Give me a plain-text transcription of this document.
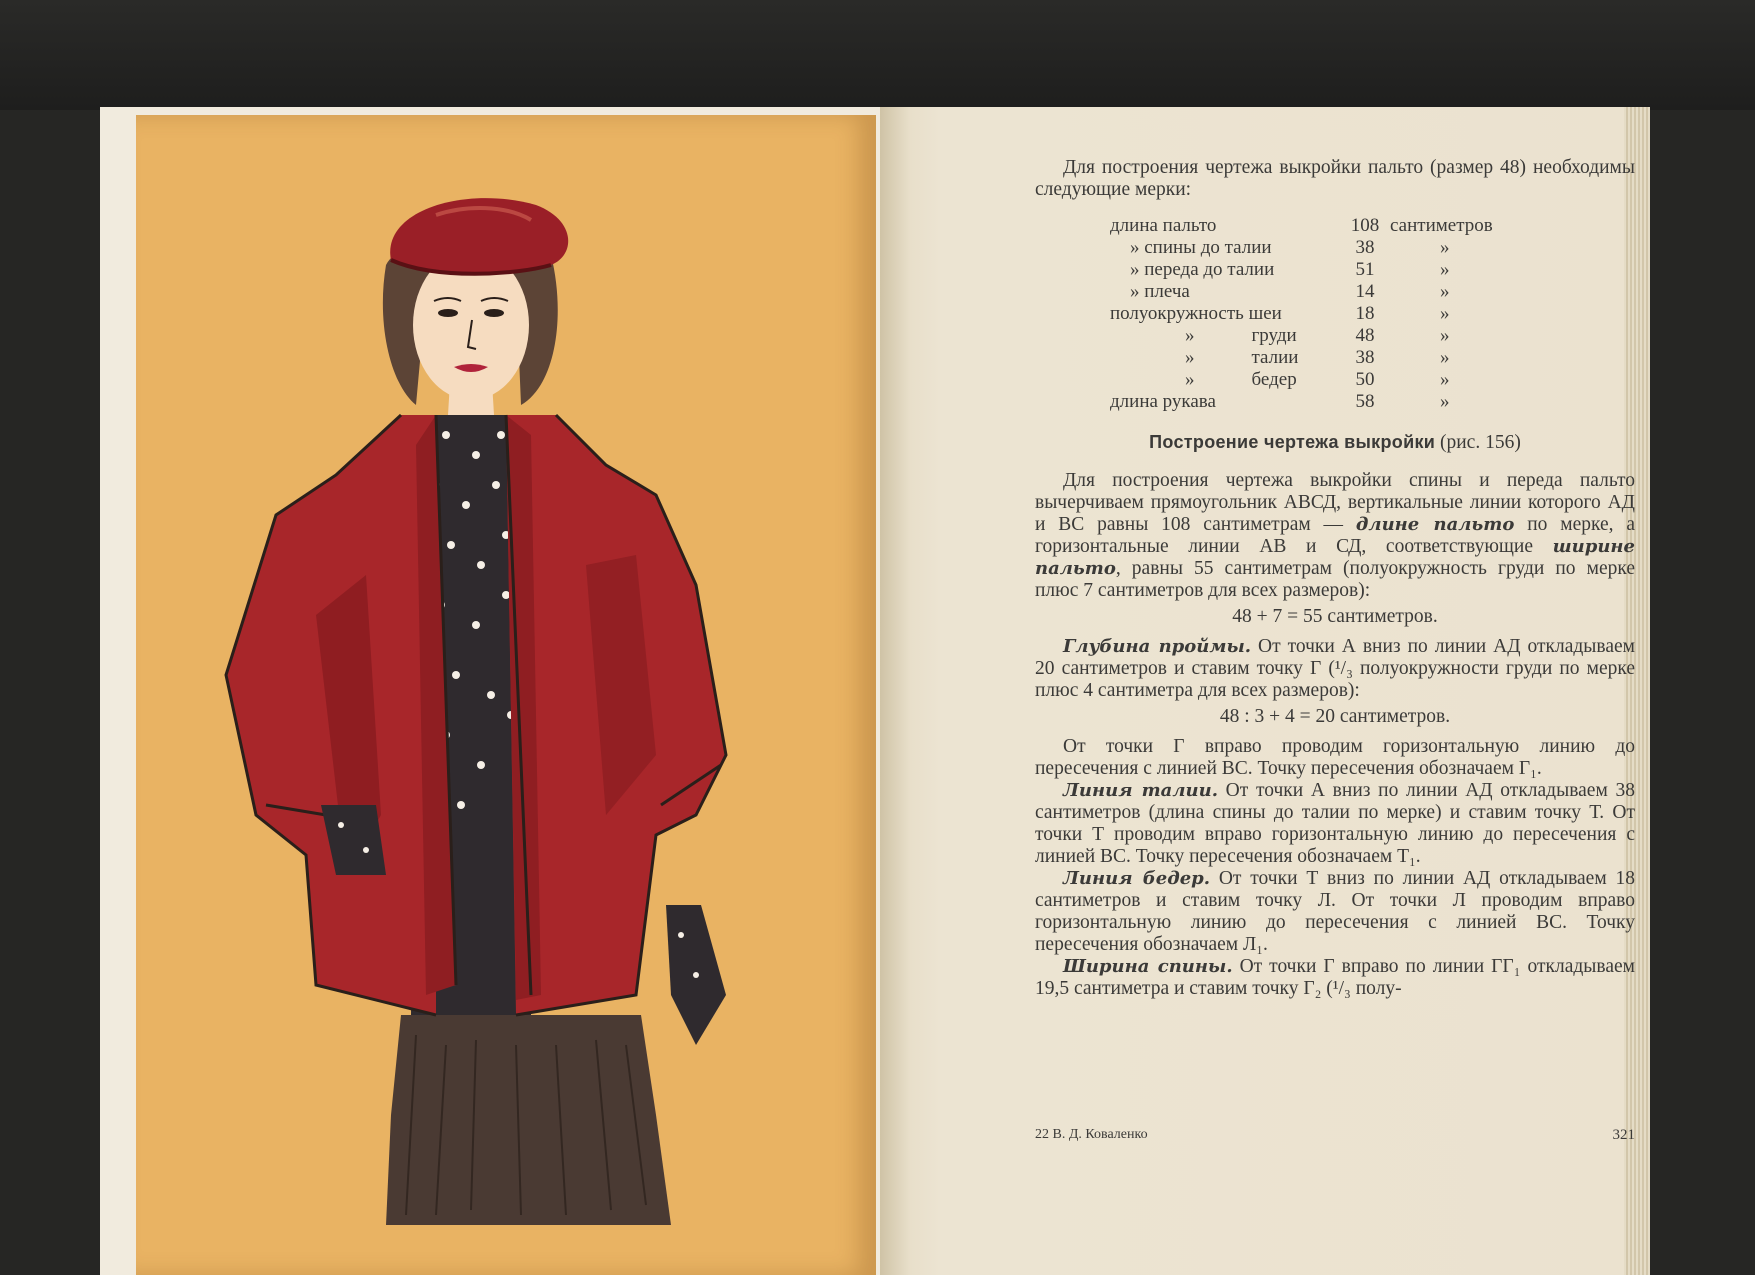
Для построения чертежа выкройки пальто (размер 48) необходимы следующие мерки:

длина пальто	108 сантиметров
» спины до талии	38	»
» переда до талии	51	»
» плеча	14	»
полуокружность шеи	18	»
»            груди	48	»
»            талии	38	»
»            бедер	50	»
длина рукава	58	»
Построение чертежа выкройки (рис. 156)

Для построения чертежа выкройки спины и переда пальто вычерчиваем прямоугольник АВСД, вертикальные линии которого АД и ВС равны 108 сантиметрам — длине пальто по мерке, а горизонтальные линии АВ и СД, соответствующие ширине пальто, равны 55 сантиметрам (полуокружность груди по мерке плюс 7 сантиметров для всех размеров):

48 + 7 = 55 сантиметров.

Глубина проймы. От точки А вниз по линии АД откладываем 20 сантиметров и ставим точку Г (¹/₃ полуокружности груди по мерке плюс 4 сантиметра для всех размеров):

48 : 3 + 4 = 20 сантиметров.

От точки Г вправо проводим горизонтальную линию до пересечения с линией ВС. Точку пересечения обозначаем Г₁.

Линия талии. От точки А вниз по линии АД откладываем 38 сантиметров (длина спины до талии по мерке) и ставим точку Т. От точки Т проводим вправо горизонтальную линию до пересечения с линией ВС. Точку пересечения обозначаем Т₁.

Линия бедер. От точки Т вниз по линии АД откладываем 18 сантиметров и ставим точку Л. От точки Л проводим вправо горизонтальную линию до пересечения с линией ВС. Точку пересечения обозначаем Л₁.

Ширина спины. От точки Г вправо по линии ГГ₁ откладываем 19,5 сантиметра и ставим точку Г₂ (¹/₃ полу-

22 В. Д. Коваленко	321
